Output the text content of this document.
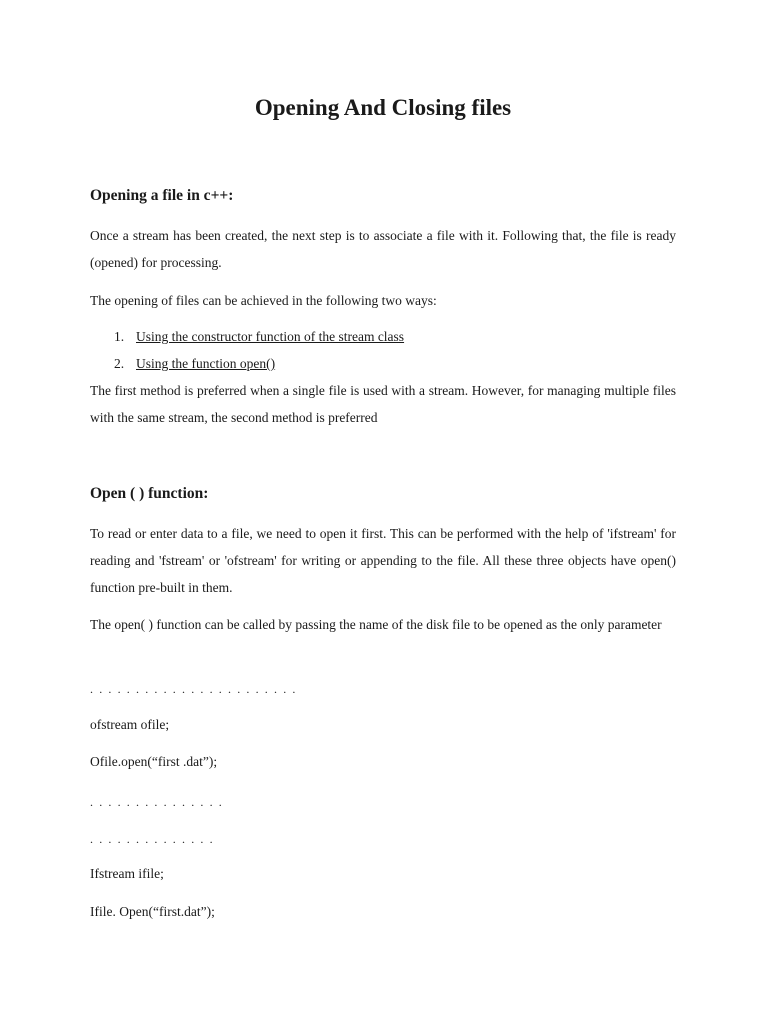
Opening And Closing files
Opening a file in c++:

Once a stream has been created, the next step is to associate a file with it. Following that, the file is ready (opened) for processing.

The opening of files can be achieved in the following two ways:

1. Using the constructor function of the stream class
2. Using the function open()

The first method is preferred when a single file is used with a stream. However, for managing multiple files with the same stream, the second method is preferred

Open ( ) function:

To read or enter data to a file, we need to open it first. This can be performed with the help of 'ifstream' for reading and 'fstream' or 'ofstream' for writing or appending to the file. All these three objects have open() function pre-built in them.

The open( ) function can be called by passing the name of the disk file to be opened as the only parameter

. . . . . . . . . . . . . . . . . . . . . . .

ofstream ofile;

Ofile.open(“first .dat”);

. . . . . . . . . . . . . . .

. . . . . . . . . . . . . .

Ifstream ifile;

Ifile. Open(“first.dat”);
